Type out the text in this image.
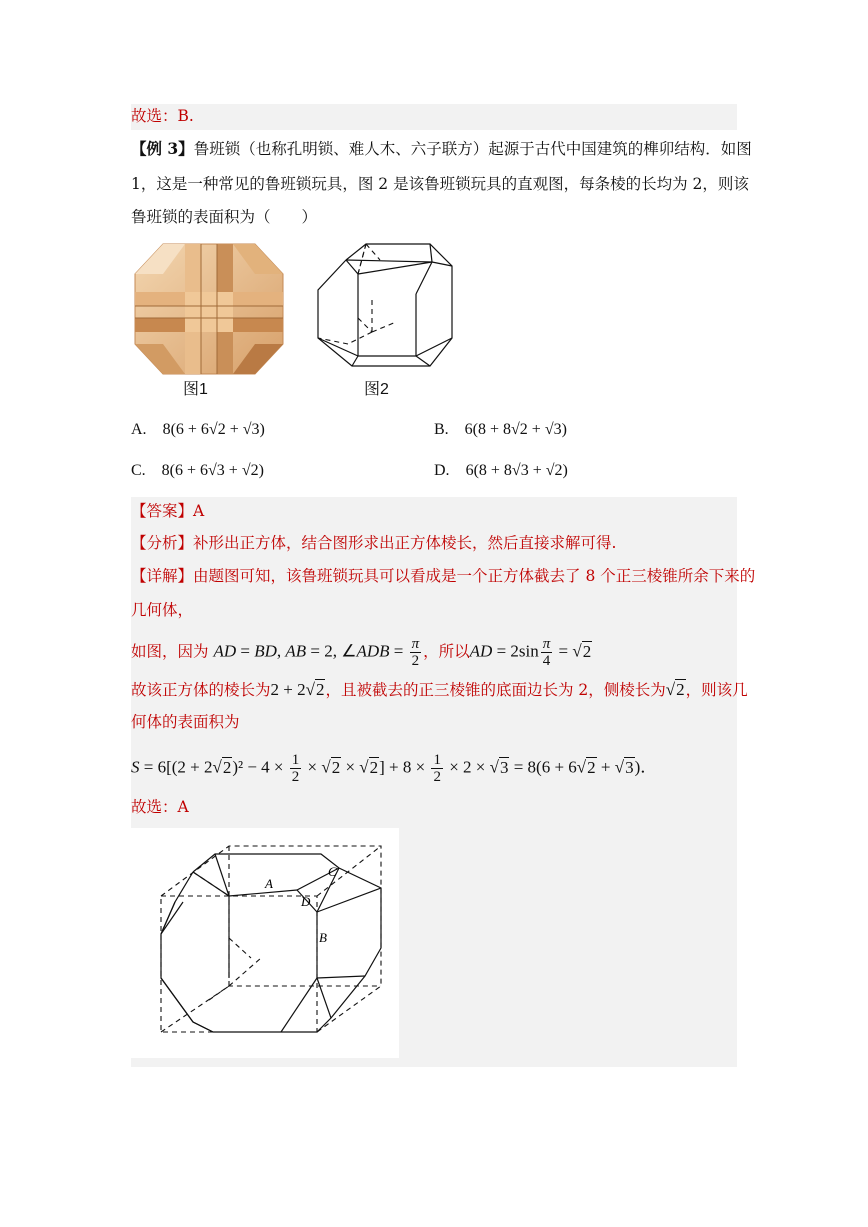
故选：B.
【例 3】鲁班锁（也称孔明锁、难人木、六子联方）起源于古代中国建筑的榫卯结构．如图
1，这是一种常见的鲁班锁玩具，图 2 是该鲁班锁玩具的直观图，每条棱的长均为 2，则该
鲁班锁的表面积为（　　）
图1	图2
A. 8(6 + 6√2 + √3)	B. 6(8 + 8√2 + √3)
C. 8(6 + 6√3 + √2)	D. 6(8 + 8√3 + √2)
【答案】A
【分析】补形出正方体，结合图形求出正方体棱长，然后直接求解可得.
【详解】由题图可知，该鲁班锁玩具可以看成是一个正方体截去了 8 个正三棱锥所余下来的
几何体，
如图，因为 AD = BD, AB = 2, ∠ADB = $\frac{\pi}{2}$ ，所以AD = $2\sin \frac{\pi}{4} = √2$
故该正方体的棱长为2 + 2√2，且被截去的正三棱锥的底面边长为 2，侧棱长为√2，则该几
何体的表面积为
$S = 6[(2 + 2√2)^2 - 4 \times \frac{1}{2} \times √2 \times √2] + 8 \times \frac{1}{2} \times 2 \times √3 = 8(6 + 6√2 + √3)$．
故选：A
A
C
D
B
